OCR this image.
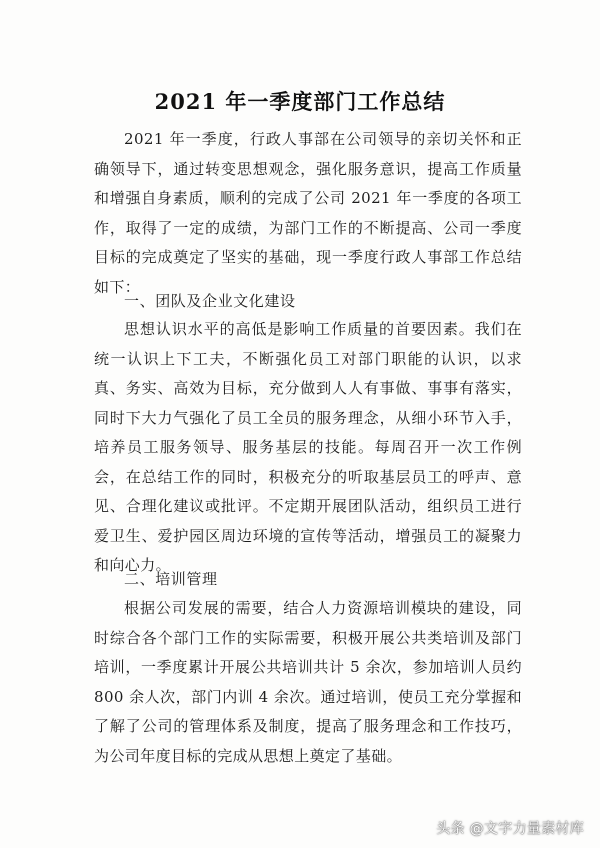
2021 年一季度部门工作总结

2021 年一季度，行政人事部在公司领导的亲切关怀和正确领导下，通过转变思想观念，强化服务意识，提高工作质量和增强自身素质，顺利的完成了公司 2021 年一季度的各项工作，取得了一定的成绩，为部门工作的不断提高、公司一季度目标的完成奠定了坚实的基础，现一季度行政人事部工作总结如下：

一、团队及企业文化建设

思想认识水平的高低是影响工作质量的首要因素。我们在统一认识上下工夫，不断强化员工对部门职能的认识，以求真、务实、高效为目标，充分做到人人有事做、事事有落实，同时下大力气强化了员工全员的服务理念，从细小环节入手，培养员工服务领导、服务基层的技能。每周召开一次工作例会，在总结工作的同时，积极充分的听取基层员工的呼声、意见、合理化建议或批评。不定期开展团队活动，组织员工进行爱卫生、爱护园区周边环境的宣传等活动，增强员工的凝聚力和向心力。

二、培训管理

根据公司发展的需要，结合人力资源培训模块的建设，同时综合各个部门工作的实际需要，积极开展公共类培训及部门培训，一季度累计开展公共培训共计 5 余次，参加培训人员约 800 余人次，部门内训 4 余次。通过培训，使员工充分掌握和了解了公司的管理体系及制度，提高了服务理念和工作技巧，为公司年度目标的完成从思想上奠定了基础。

头条 @文字力量素材库
